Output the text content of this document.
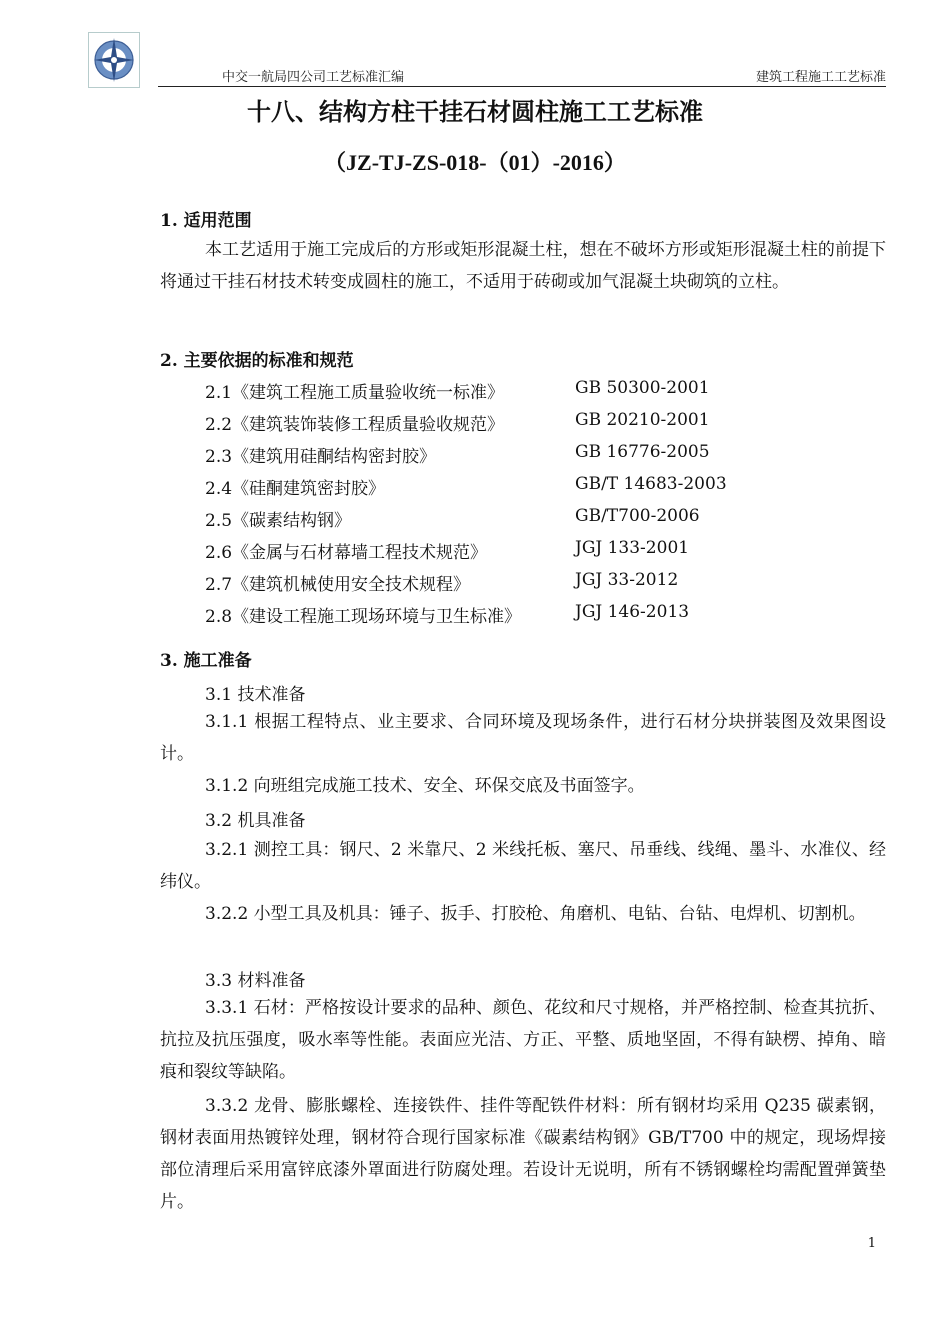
中交一航局四公司工艺标准汇编	建筑工程施工工艺标准
十八、结构方柱干挂石材圆柱施工工艺标准
（JZ-TJ-ZS-018-（01）-2016）
1. 适用范围
本工艺适用于施工完成后的方形或矩形混凝土柱，想在不破坏方形或矩形混凝土柱的前提下将通过干挂石材技术转变成圆柱的施工，不适用于砖砌或加气混凝土块砌筑的立柱。
2. 主要依据的标准和规范
2.1《建筑工程施工质量验收统一标准》	GB 50300-2001
2.2《建筑装饰装修工程质量验收规范》	GB 20210-2001
2.3《建筑用硅酮结构密封胶》	GB 16776-2005
2.4《硅酮建筑密封胶》	GB/T 14683-2003
2.5《碳素结构钢》	GB/T700-2006
2.6《金属与石材幕墙工程技术规范》	JGJ 133-2001
2.7《建筑机械使用安全技术规程》	JGJ 33-2012
2.8《建设工程施工现场环境与卫生标准》	JGJ 146-2013
3. 施工准备
3.1 技术准备
3.1.1 根据工程特点、业主要求、合同环境及现场条件，进行石材分块拼装图及效果图设计。
3.1.2 向班组完成施工技术、安全、环保交底及书面签字。
3.2 机具准备
3.2.1 测控工具：钢尺、2 米靠尺、2 米线托板、塞尺、吊垂线、线绳、墨斗、水准仪、经纬仪。
3.2.2 小型工具及机具：锤子、扳手、打胶枪、角磨机、电钻、台钻、电焊机、切割机。
3.3 材料准备
3.3.1 石材：严格按设计要求的品种、颜色、花纹和尺寸规格，并严格控制、检查其抗折、抗拉及抗压强度，吸水率等性能。表面应光洁、方正、平整、质地坚固，不得有缺楞、掉角、暗痕和裂纹等缺陷。
3.3.2 龙骨、膨胀螺栓、连接铁件、挂件等配铁件材料：所有钢材均采用 Q235 碳素钢，钢材表面用热镀锌处理，钢材符合现行国家标准《碳素结构钢》GB/T700 中的规定，现场焊接部位清理后采用富锌底漆外罩面进行防腐处理。若设计无说明，所有不锈钢螺栓均需配置弹簧垫片。
1
